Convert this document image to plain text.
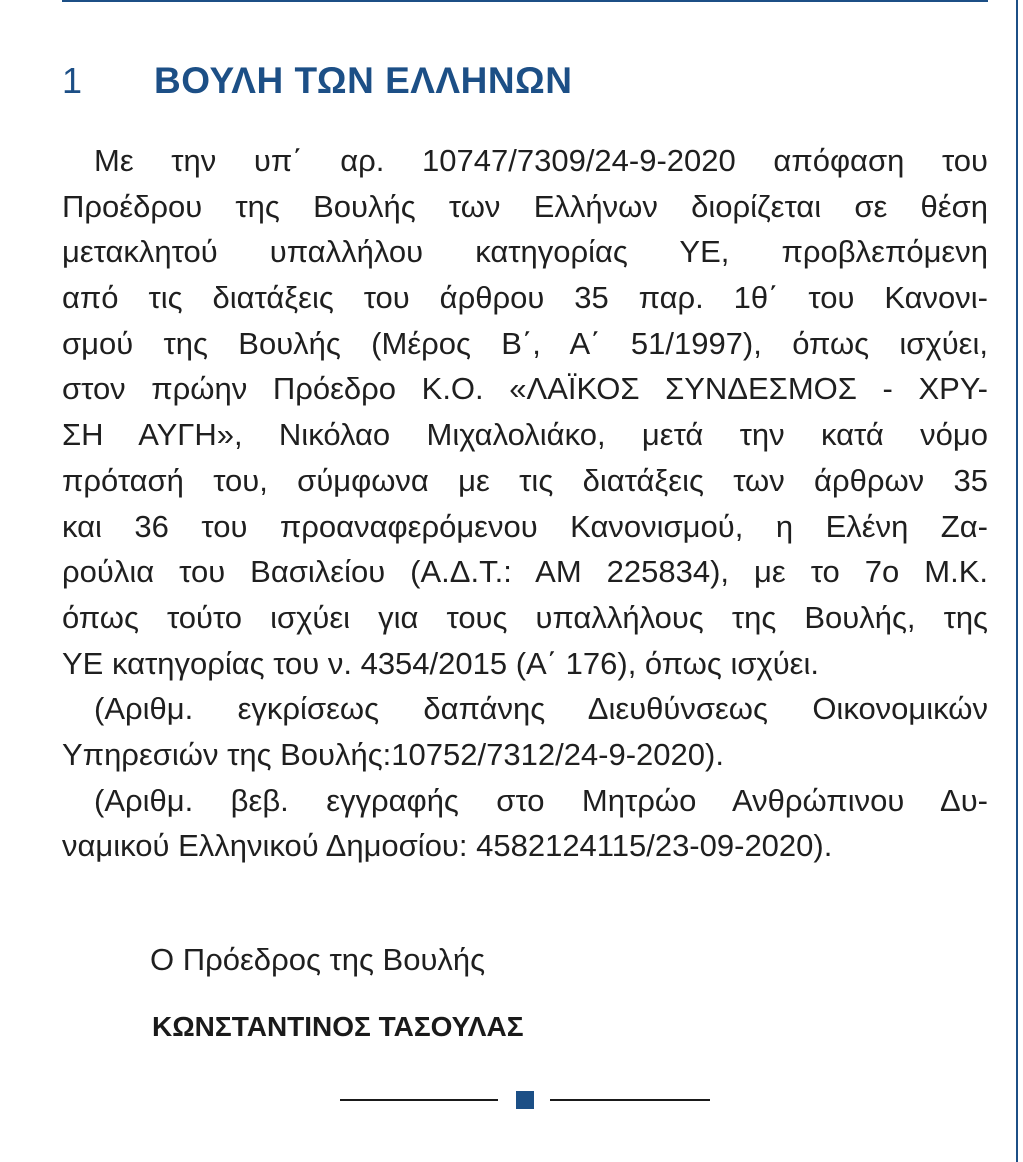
1	ΒΟΥΛΗ ΤΩΝ ΕΛΛΗΝΩΝ
Με την υπ΄ αρ. 10747/7309/24-9-2020 απόφαση του
Προέδρου της Βουλής των Ελλήνων διορίζεται σε θέση
μετακλητού υπαλλήλου κατηγορίας ΥΕ, προβλεπόμενη
από τις διατάξεις του άρθρου 35 παρ. 1θ΄ του Κανονι-
σμού της Βουλής (Μέρος Β΄, Α΄ 51/1997), όπως ισχύει,
στον πρώην Πρόεδρο Κ.Ο. «ΛΑΪΚΟΣ ΣΥΝΔΕΣΜΟΣ - ΧΡΥ-
ΣΗ ΑΥΓΗ», Νικόλαο Μιχαλολιάκο, μετά την κατά νόμο
πρότασή του, σύμφωνα με τις διατάξεις των άρθρων 35
και 36 του προαναφερόμενου Κανονισμού, η Ελένη Ζα-
ρούλια του Βασιλείου (Α.Δ.Τ.: ΑΜ 225834), με το 7ο Μ.Κ.
όπως τούτο ισχύει για τους υπαλλήλους της Βουλής, της
ΥΕ κατηγορίας του ν. 4354/2015 (Α΄ 176), όπως ισχύει.
(Αριθμ. εγκρίσεως δαπάνης Διευθύνσεως Οικονομικών
Υπηρεσιών της Βουλής:10752/7312/24-9-2020).
(Αριθμ. βεβ. εγγραφής στο Μητρώο Ανθρώπινου Δυ-
ναμικού Ελληνικού Δημοσίου: 4582124115/23-09-2020).
Ο Πρόεδρος της Βουλής
ΚΩΝΣΤΑΝΤΙΝΟΣ ΤΑΣΟΥΛΑΣ
